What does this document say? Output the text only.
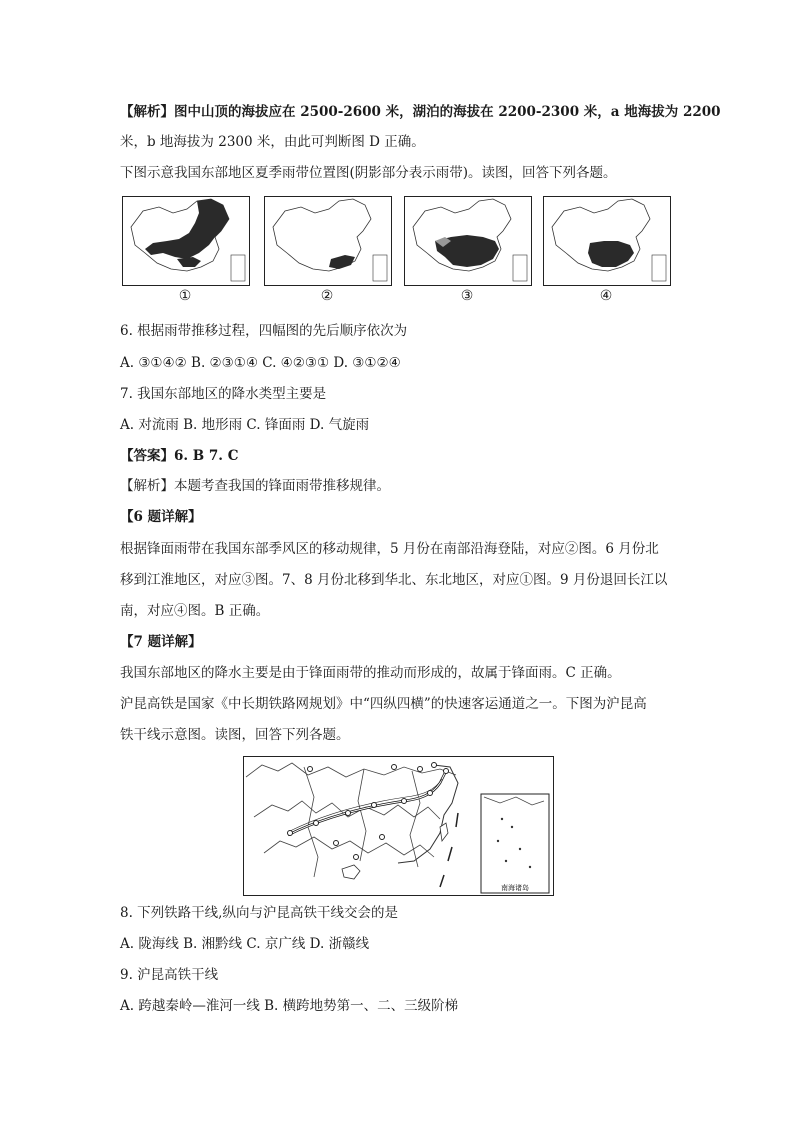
【解析】图中山顶的海拔应在 2500-2600 米，湖泊的海拔在 2200-2300 米，a 地海拔为 2200
米，b 地海拔为 2300 米，由此可判断图 D 正确。
下图示意我国东部地区夏季雨带位置图(阴影部分表示雨带)。读图，回答下列各题。
①	②	③	④
6. 根据雨带推移过程，四幅图的先后顺序依次为
A. ③①④② B. ②③①④ C. ④②③① D. ③①②④
7. 我国东部地区的降水类型主要是
A. 对流雨 B. 地形雨 C. 锋面雨 D. 气旋雨
【答案】6. B 7. C
【解析】本题考查我国的锋面雨带推移规律。
【6 题详解】
根据锋面雨带在我国东部季风区的移动规律，5 月份在南部沿海登陆，对应②图。6 月份北
移到江淮地区，对应③图。7、8 月份北移到华北、东北地区，对应①图。9 月份退回长江以
南，对应④图。B 正确。
【7 题详解】
我国东部地区的降水主要是由于锋面雨带的推动而形成的，故属于锋面雨。C 正确。
沪昆高铁是国家《中长期铁路网规划》中“四纵四横”的快速客运通道之一。下图为沪昆高
铁干线示意图。读图，回答下列各题。
南海诸岛
8. 下列铁路干线,纵向与沪昆高铁干线交会的是
A. 陇海线 B. 湘黔线 C. 京广线 D. 浙赣线
9. 沪昆高铁干线
A. 跨越秦岭—淮河一线 B. 横跨地势第一、二、三级阶梯
